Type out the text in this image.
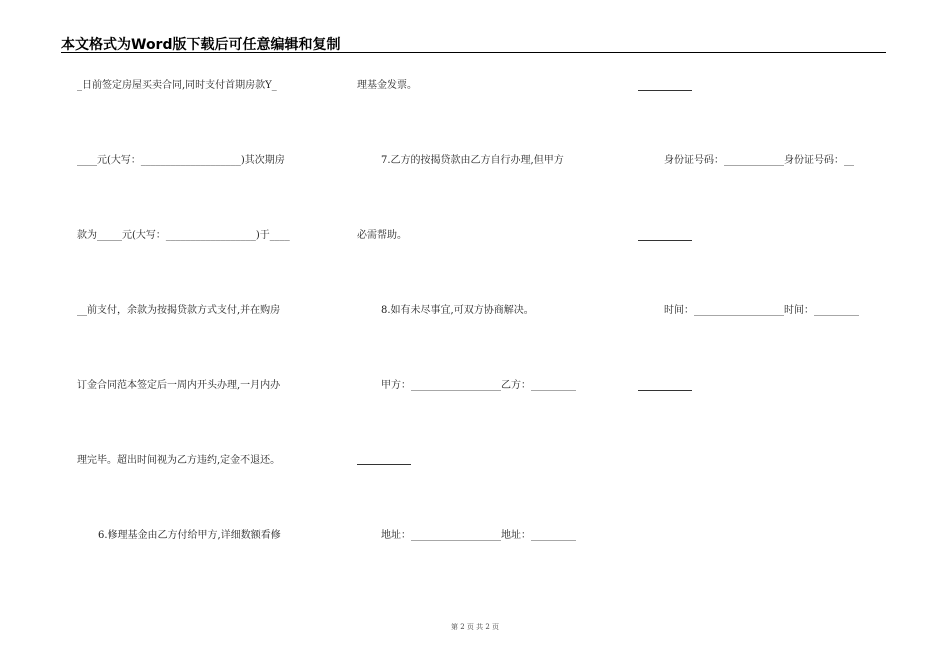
本文格式为Word版下载后可任意编辑和复制
_日前签定房屋买卖合同,同时支付首期房款Y_
____元(大写：____________________)其次期房
款为_____元(大写：__________________)于____
__前支付，余款为按揭贷款方式支付,并在购房
订金合同范本签定后一周内开头办理,一月内办
理完毕。超出时间视为乙方违约,定金不退还。
6.修理基金由乙方付给甲方,详细数额看修
理基金发票。
7.乙方的按揭贷款由乙方自行办理,但甲方
必需帮助。
8.如有未尽事宜,可双方协商解决。
甲方：__________________乙方：_________
地址：__________________地址：_________
身份证号码：____________身份证号码：__
时间：__________________时间：_________
第 2 页 共 2 页
